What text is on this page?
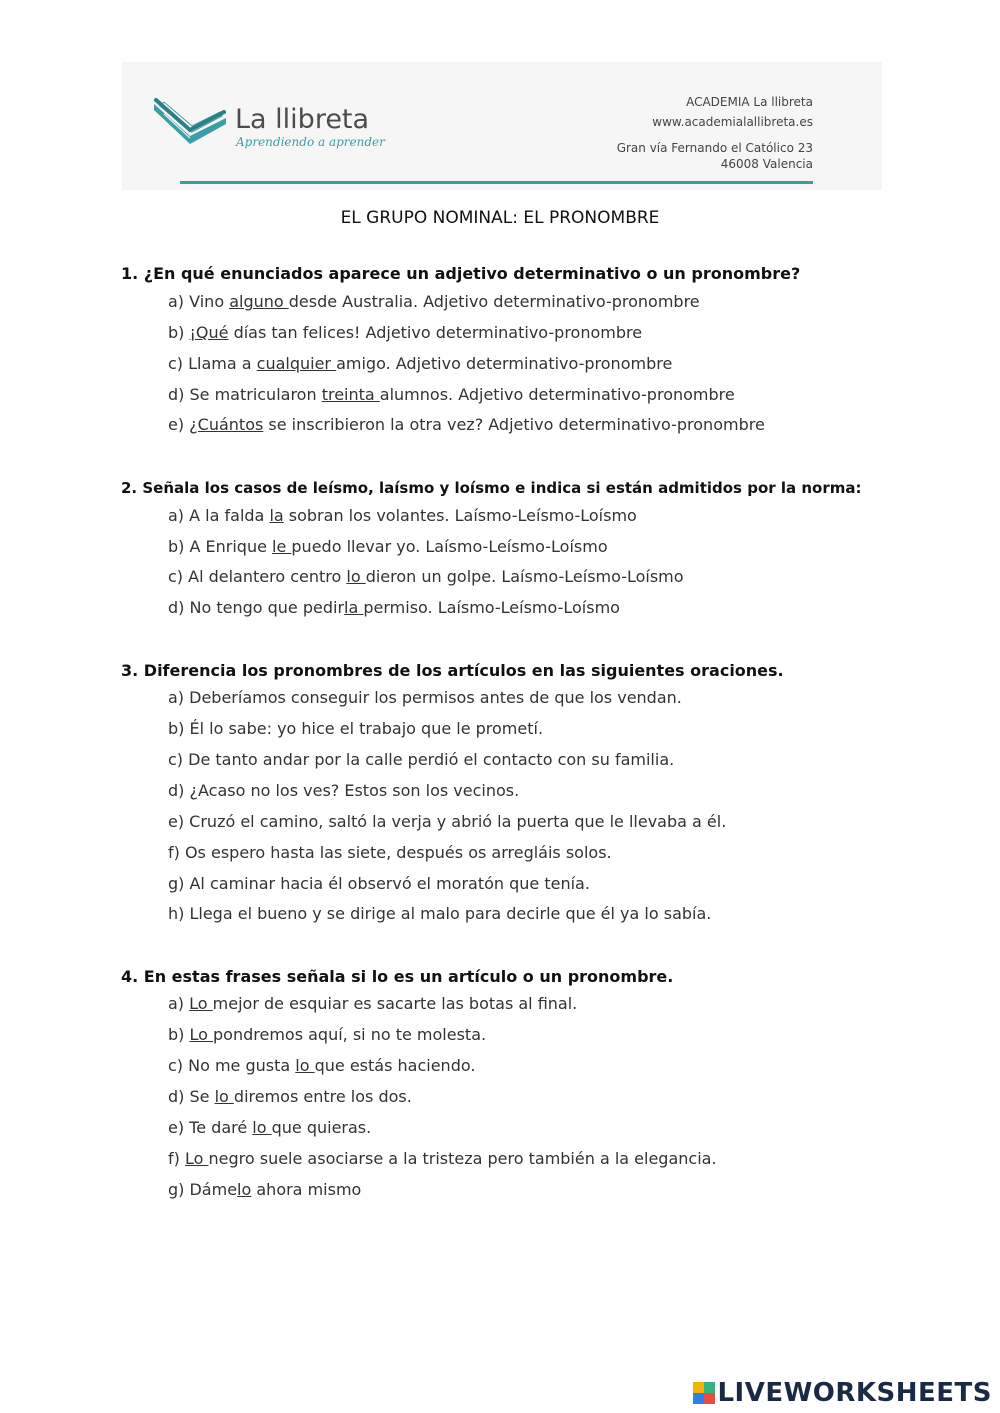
La llibreta
Aprendiendo a aprender
ACADEMIA La llibreta
www.academialallibreta.es
Gran vía Fernando el Católico 23
46008 Valencia
EL GRUPO NOMINAL: EL PRONOMBRE
1. ¿En qué enunciados aparece un adjetivo determinativo o un pronombre?
a) Vino alguno desde Australia. Adjetivo determinativo-pronombre
b) ¡Qué días tan felices! Adjetivo determinativo-pronombre
c) Llama a cualquier amigo. Adjetivo determinativo-pronombre
d) Se matricularon treinta alumnos. Adjetivo determinativo-pronombre
e) ¿Cuántos se inscribieron la otra vez? Adjetivo determinativo-pronombre
2. Señala los casos de leísmo, laísmo y loísmo e indica si están admitidos por la norma:
a) A la falda la sobran los volantes. Laísmo-Leísmo-Loísmo
b) A Enrique le puedo llevar yo. Laísmo-Leísmo-Loísmo
c) Al delantero centro lo dieron un golpe. Laísmo-Leísmo-Loísmo
d) No tengo que pedirla permiso. Laísmo-Leísmo-Loísmo
3. Diferencia los pronombres de los artículos en las siguientes oraciones.
a) Deberíamos conseguir los permisos antes de que los vendan.
b) Él lo sabe: yo hice el trabajo que le prometí.
c) De tanto andar por la calle perdió el contacto con su familia.
d) ¿Acaso no los ves? Estos son los vecinos.
e) Cruzó el camino, saltó la verja y abrió la puerta que le llevaba a él.
f) Os espero hasta las siete, después os arregláis solos.
g) Al caminar hacia él observó el moratón que tenía.
h) Llega el bueno y se dirige al malo para decirle que él ya lo sabía.
4. En estas frases señala si lo es un artículo o un pronombre.
a) Lo mejor de esquiar es sacarte las botas al final.
b) Lo pondremos aquí, si no te molesta.
c) No me gusta lo que estás haciendo.
d) Se lo diremos entre los dos.
e) Te daré lo que quieras.
f) Lo negro suele asociarse a la tristeza pero también a la elegancia.
g) Dámelo ahora mismo
LIVEWORKSHEETS
